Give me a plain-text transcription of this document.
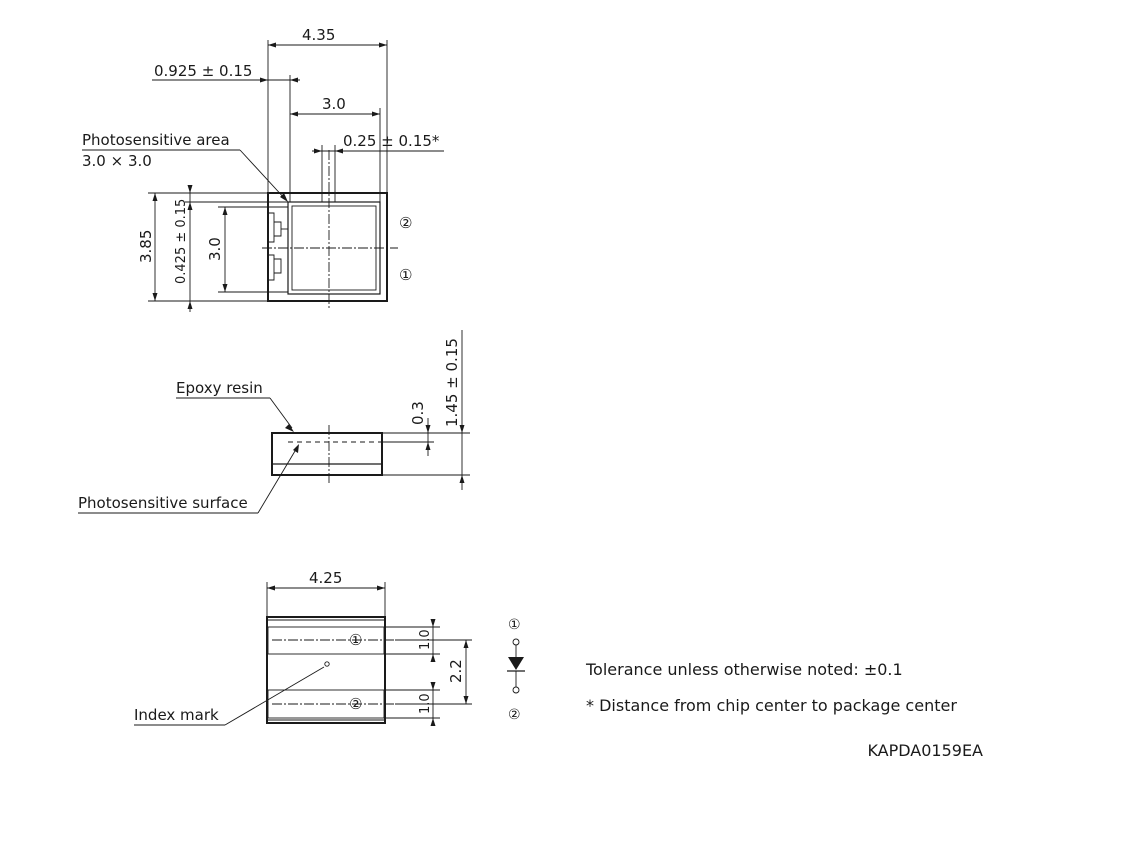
4.35
0.925 ± 0.15
3.0
0.25 ± 0.15*
Photosensitive area
3.0 × 3.0
3.85 0.425 ± 0.15 3.0
②
①
Epoxy resin
Photosensitive surface
0.3 1.45 ± 0.15
①
②
Index mark
4.25
1.0
1.0
2.2
①
②
Tolerance unless otherwise noted: ±0.1
* Distance from chip center to package center
KAPDA0159EA
